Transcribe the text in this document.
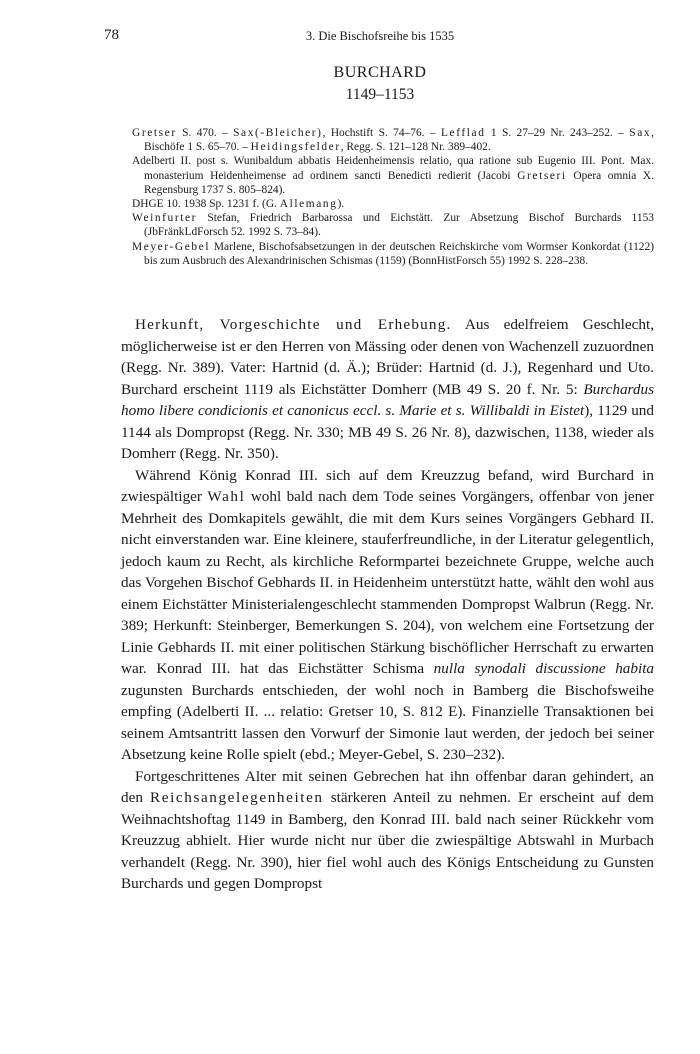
78	3. Die Bischofsreihe bis 1535
BURCHARD
1149–1153

Gretser S. 470. – Sax(-Bleicher), Hochstift S. 74–76. – Lefflad 1 S. 27–29 Nr. 243–252. – Sax, Bischöfe 1 S. 65–70. – Heidingsfelder, Regg. S. 121–128 Nr. 389–402.

Adelberti II. post s. Wunibaldum abbatis Heidenheimensis relatio, qua ratione sub Eugenio III. Pont. Max. monasterium Heidenheimense ad ordinem sancti Benedicti redierit (Jacobi Gretseri Opera omnia X. Regensburg 1737 S. 805–824).

DHGE 10. 1938 Sp. 1231 f. (G. Allemang).

Weinfurter Stefan, Friedrich Barbarossa und Eichstätt. Zur Absetzung Bischof Burchards 1153 (JbFränkLdForsch 52. 1992 S. 73–84).

Meyer-Gebel Marlene, Bischofsabsetzungen in der deutschen Reichskirche vom Wormser Konkordat (1122) bis zum Ausbruch des Alexandrinischen Schismas (1159) (BonnHistForsch 55) 1992 S. 228–238.

Herkunft, Vorgeschichte und Erhebung. Aus edelfreiem Geschlecht, möglicherweise ist er den Herren von Mässing oder denen von Wachenzell zuzuordnen (Regg. Nr. 389). Vater: Hartnid (d. Ä.); Brüder: Hartnid (d. J.), Regenhard und Uto. Burchard erscheint 1119 als Eichstätter Domherr (MB 49 S. 20 f. Nr. 5: Burchardus homo libere condicionis et canonicus eccl. s. Marie et s. Willibaldi in Eistet), 1129 und 1144 als Dompropst (Regg. Nr. 330; MB 49 S. 26 Nr. 8), dazwischen, 1138, wieder als Domherr (Regg. Nr. 350).

Während König Konrad III. sich auf dem Kreuzzug befand, wird Burchard in zwiespältiger Wahl wohl bald nach dem Tode seines Vorgängers, offenbar von jener Mehrheit des Domkapitels gewählt, die mit dem Kurs seines Vorgängers Gebhard II. nicht einverstanden war. Eine kleinere, stauferfreundliche, in der Literatur gelegentlich, jedoch kaum zu Recht, als kirchliche Reformpartei bezeichnete Gruppe, welche auch das Vorgehen Bischof Gebhards II. in Heidenheim unterstützt hatte, wählt den wohl aus einem Eichstätter Ministerialengeschlecht stammenden Dompropst Walbrun (Regg. Nr. 389; Herkunft: Steinberger, Bemerkungen S. 204), von welchem eine Fortsetzung der Linie Gebhards II. mit einer politischen Stärkung bischöflicher Herrschaft zu erwarten war. Konrad III. hat das Eichstätter Schisma nulla synodali discussione habita zugunsten Burchards entschieden, der wohl noch in Bamberg die Bischofsweihe empfing (Adelberti II. ... relatio: Gretser 10, S. 812 E). Finanzielle Transaktionen bei seinem Amtsantritt lassen den Vorwurf der Simonie laut werden, der jedoch bei seiner Absetzung keine Rolle spielt (ebd.; Meyer-Gebel, S. 230–232).

Fortgeschrittenes Alter mit seinen Gebrechen hat ihn offenbar daran gehindert, an den Reichsangelegenheiten stärkeren Anteil zu nehmen. Er erscheint auf dem Weihnachtshoftag 1149 in Bamberg, den Konrad III. bald nach seiner Rückkehr vom Kreuzzug abhielt. Hier wurde nicht nur über die zwiespältige Abtswahl in Murbach verhandelt (Regg. Nr. 390), hier fiel wohl auch des Königs Entscheidung zu Gunsten Burchards und gegen Dompropst
